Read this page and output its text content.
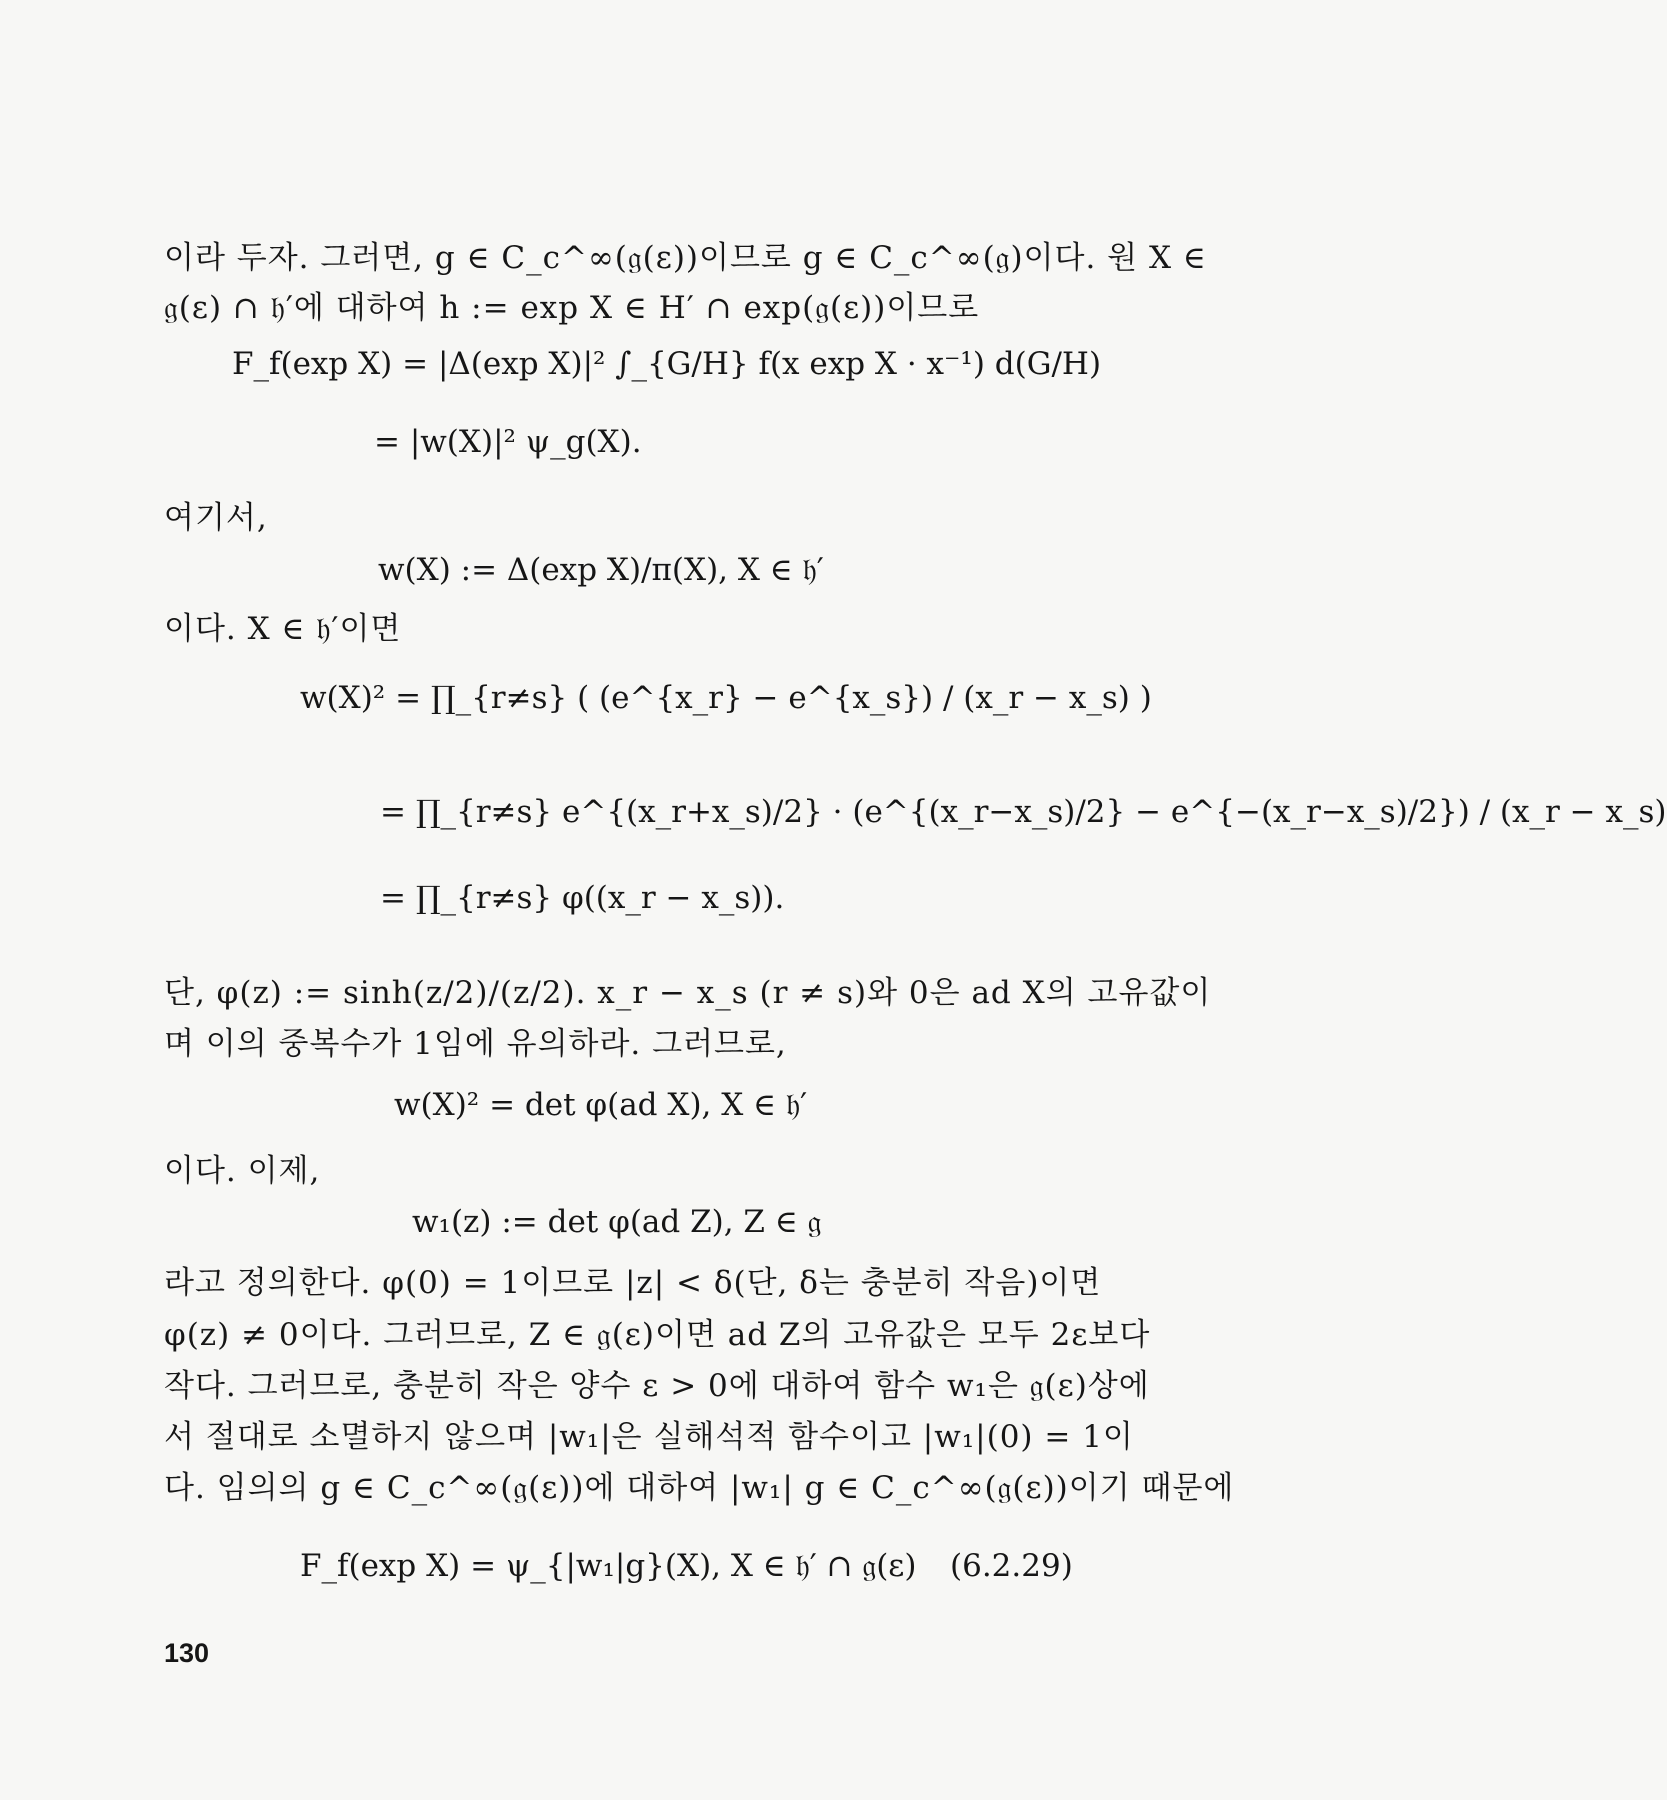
이라 두자. 그러면, g ∈ C_c^∞(𝔤(ε))이므로 g ∈ C_c^∞(𝔤)이다. 원 X ∈
𝔤(ε) ∩ 𝔥′에 대하여 h := exp X ∈ H′ ∩ exp(𝔤(ε))이므로
F_f(exp X) = |Δ(exp X)|² ∫_{G/H} f(x exp X · x⁻¹) d(G/H)
= |w(X)|² ψ_g(X).
여기서,
w(X) := Δ(exp X)/π(X), X ∈ 𝔥′
이다. X ∈ 𝔥′이면
w(X)² = ∏_{r≠s} ( (e^{x_r} − e^{x_s}) / (x_r − x_s) )
= ∏_{r≠s} e^{(x_r+x_s)/2} · (e^{(x_r−x_s)/2} − e^{−(x_r−x_s)/2}) / (x_r − x_s)
= ∏_{r≠s} φ((x_r − x_s)).
단, φ(z) := sinh(z/2)/(z/2). x_r − x_s (r ≠ s)와 0은 ad X의 고유값이
며 이의 중복수가 1임에 유의하라. 그러므로,
w(X)² = det φ(ad X), X ∈ 𝔥′
이다. 이제,
w₁(z) := det φ(ad Z), Z ∈ 𝔤
라고 정의한다. φ(0) = 1이므로 |z| < δ(단, δ는 충분히 작음)이면
φ(z) ≠ 0이다. 그러므로, Z ∈ 𝔤(ε)이면 ad Z의 고유값은 모두 2ε보다
작다. 그러므로, 충분히 작은 양수 ε > 0에 대하여 함수 w₁은 𝔤(ε)상에
서 절대로 소멸하지 않으며 |w₁|은 실해석적 함수이고 |w₁|(0) = 1이
다. 임의의 g ∈ C_c^∞(𝔤(ε))에 대하여 |w₁| g ∈ C_c^∞(𝔤(ε))이기 때문에
F_f(exp X) = ψ_{|w₁|g}(X), X ∈ 𝔥′ ∩ 𝔤(ε) (6.2.29)
130
